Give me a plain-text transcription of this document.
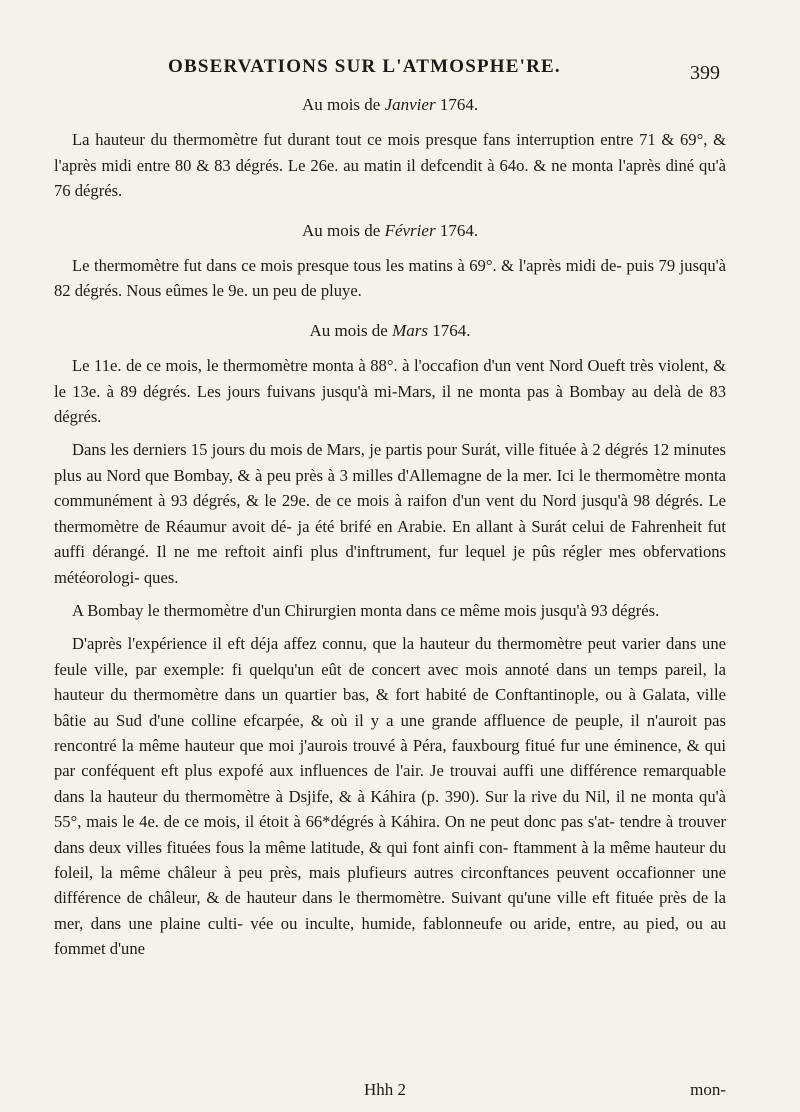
OBSERVATIONS SUR L'ATMOSPHE'RE.	399
Au mois de Janvier 1764.

La hauteur du thermomètre fut durant tout ce mois presque fans interruption entre 71 & 69°, & l'après midi entre 80 & 83 dégrés. Le 26e. au matin il defcendit à 64o. & ne monta l'après diné qu'à 76 dégrés.

Au mois de Février 1764.

Le thermomètre fut dans ce mois presque tous les matins à 69°. & l'après midi de- puis 79 jusqu'à 82 dégrés. Nous eûmes le 9e. un peu de pluye.

Au mois de Mars 1764.

Le 11e. de ce mois, le thermomètre monta à 88°. à l'occafion d'un vent Nord Oueft très violent, & le 13e. à 89 dégrés. Les jours fuivans jusqu'à mi-Mars, il ne monta pas à Bombay au delà de 83 dégrés.

Dans les derniers 15 jours du mois de Mars, je partis pour Surát, ville fituée à 2 dégrés 12 minutes plus au Nord que Bombay, & à peu près à 3 milles d'Allemagne de la mer. Ici le thermomètre monta communément à 93 dégrés, & le 29e. de ce mois à raifon d'un vent du Nord jusqu'à 98 dégrés. Le thermomètre de Réaumur avoit dé- ja été brifé en Arabie. En allant à Surát celui de Fahrenheit fut auffi dérangé. Il ne me reftoit ainfi plus d'inftrument, fur lequel je pûs régler mes obfervations météorologi- ques.

A Bombay le thermomètre d'un Chirurgien monta dans ce même mois jusqu'à 93 dégrés.

D'après l'expérience il eft déja affez connu, que la hauteur du thermomètre peut varier dans une feule ville, par exemple: fi quelqu'un eût de concert avec mois annoté dans un temps pareil, la hauteur du thermomètre dans un quartier bas, & fort habité de Conftantinople, ou à Galata, ville bâtie au Sud d'une colline efcarpée, & où il y a une grande affluence de peuple, il n'auroit pas rencontré la même hauteur que moi j'aurois trouvé à Péra, fauxbourg fitué fur une éminence, & qui par conféquent eft plus expofé aux influences de l'air. Je trouvai auffi une différence remarquable dans la hauteur du thermomètre à Dsjife, & à Káhira (p. 390). Sur la rive du Nil, il ne monta qu'à 55°, mais le 4e. de ce mois, il étoit à 66*dégrés à Káhira. On ne peut donc pas s'at- tendre à trouver dans deux villes fituées fous la même latitude, & qui font ainfi con- ftamment à la même hauteur du foleil, la même châleur à peu près, mais plufieurs autres circonftances peuvent occafionner une différence de châleur, & de hauteur dans le thermomètre. Suivant qu'une ville eft fituée près de la mer, dans une plaine culti- vée ou inculte, humide, fablonneufe ou aride, entre, au pied, ou au fommet d'une

Hhh 2	mon-
